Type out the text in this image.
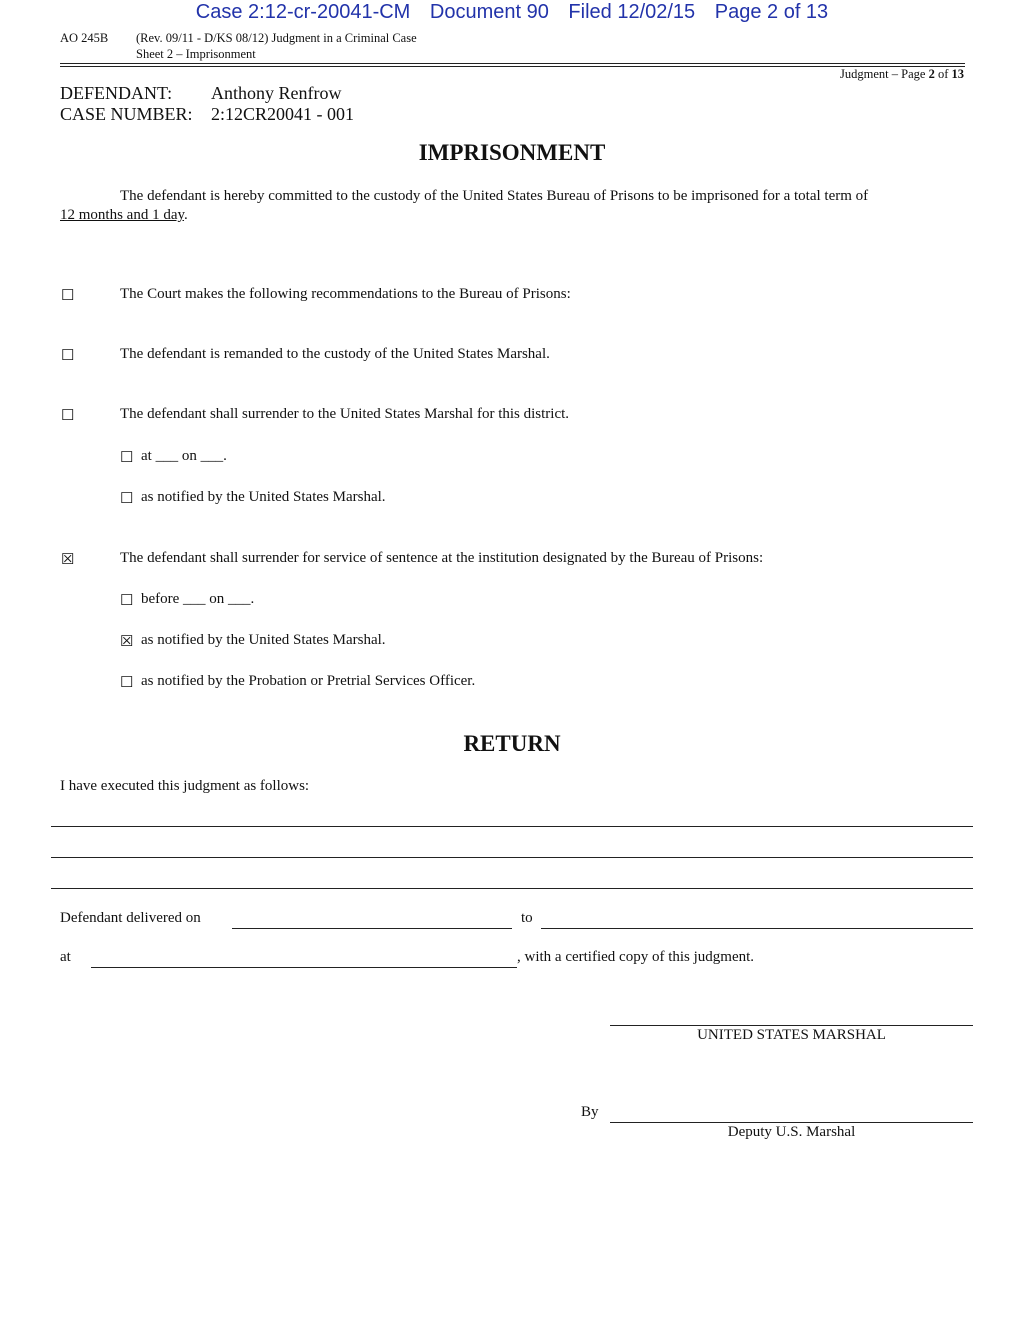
Case 2:12-cr-20041-CM Document 90 Filed 12/02/15 Page 2 of 13
AO 245B (Rev. 09/11 - D/KS 08/12) Judgment in a Criminal Case
Sheet 2 – Imprisonment
Judgment – Page 2 of 13
DEFENDANT: Anthony Renfrow
CASE NUMBER: 2:12CR20041 - 001
IMPRISONMENT
The defendant is hereby committed to the custody of the United States Bureau of Prisons to be imprisoned for a total term of
12 months and 1 day.
☐	The Court makes the following recommendations to the Bureau of Prisons:
☐	The defendant is remanded to the custody of the United States Marshal.
☐	The defendant shall surrender to the United States Marshal for this district.
☐ at ___ on ___.
☐ as notified by the United States Marshal.
☒	The defendant shall surrender for service of sentence at the institution designated by the Bureau of Prisons:
☐ before ___ on ___.
☒ as notified by the United States Marshal.
☐ as notified by the Probation or Pretrial Services Officer.
RETURN
I have executed this judgment as follows:
Defendant delivered on	to
at	, with a certified copy of this judgment.
UNITED STATES MARSHAL
By
Deputy U.S. Marshal
